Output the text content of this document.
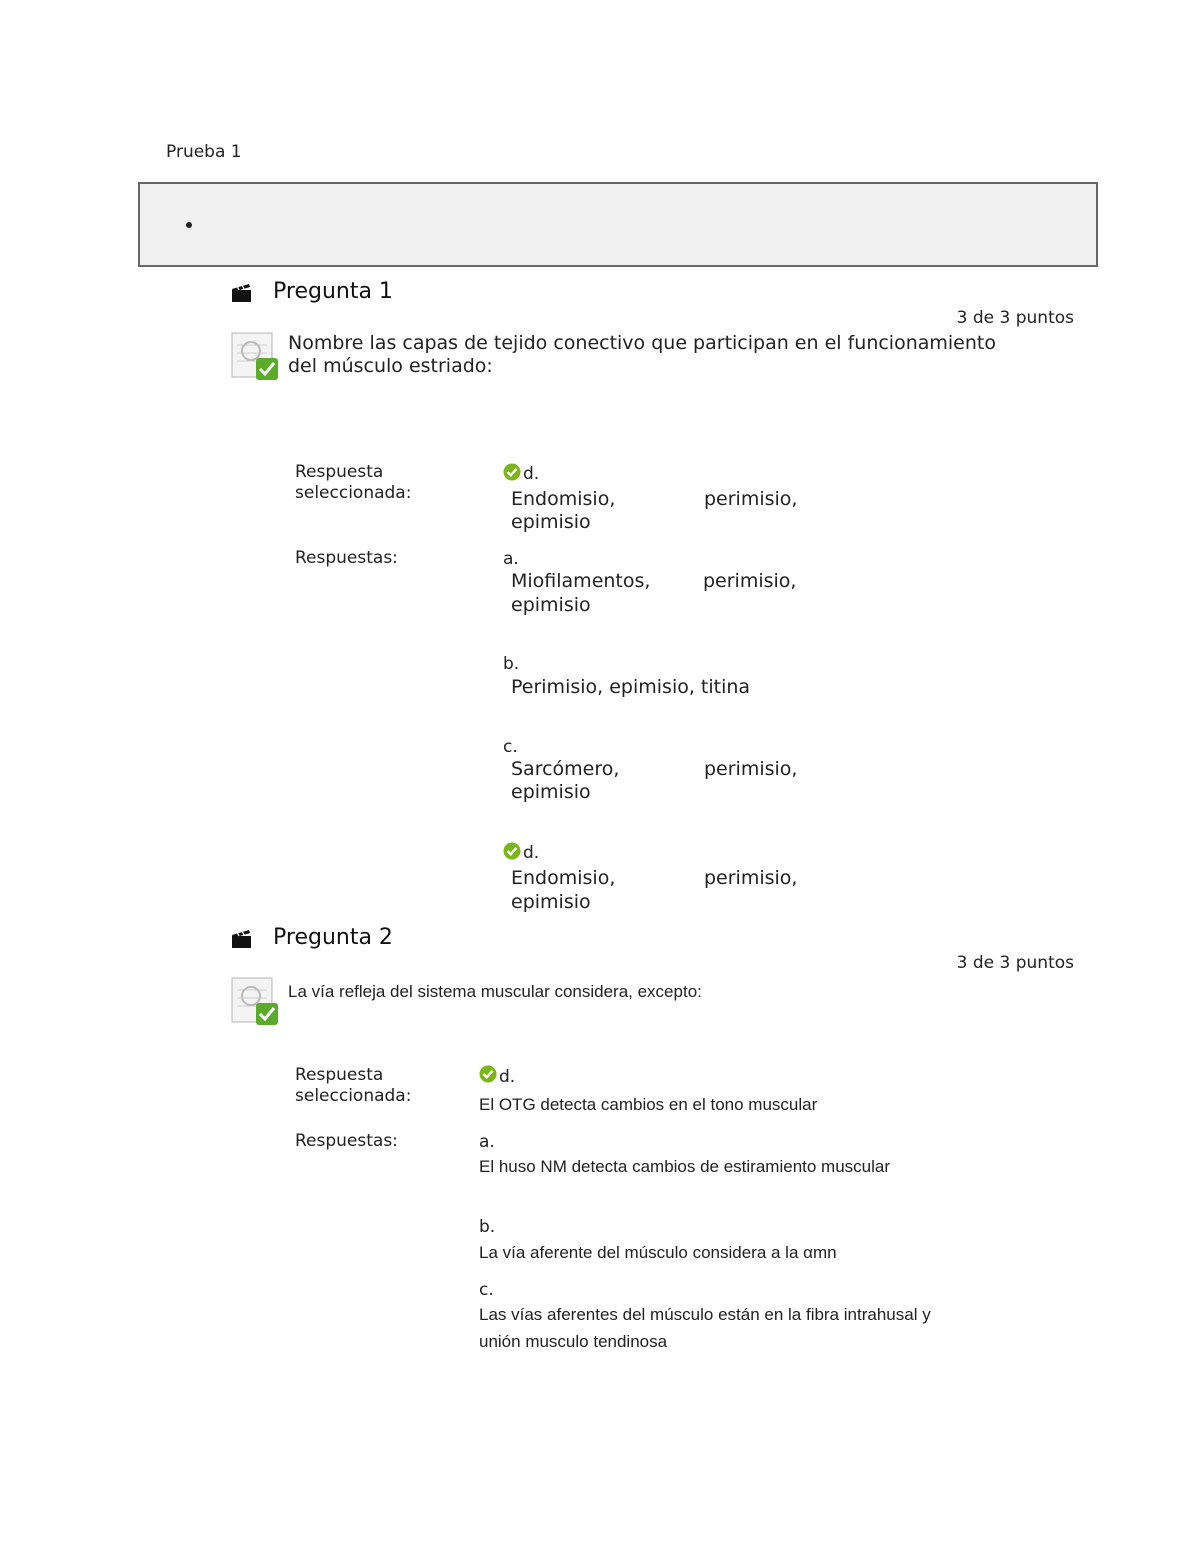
Prueba 1
Pregunta 1
3 de 3 puntos
Nombre las capas de tejido conectivo que participan en el funcionamiento
del músculo estriado:
Respuesta
seleccionada:
d.
Endomisio,	perimisio,
epimisio
Respuestas:	a.
Miofilamentos,	perimisio,
epimisio
b.
Perimisio, epimisio, titina
c.
Sarcómero,	perimisio,
epimisio
d.
Endomisio,	perimisio,
epimisio
Pregunta 2
3 de 3 puntos
La vía refleja del sistema muscular considera, excepto:
Respuesta
seleccionada:
d.
El OTG detecta cambios en el tono muscular
Respuestas:	a.
El huso NM detecta cambios de estiramiento muscular
b.
La vía aferente del músculo considera a la αmn
c.
Las vías aferentes del músculo están en la fibra intrahusal y
unión musculo tendinosa
